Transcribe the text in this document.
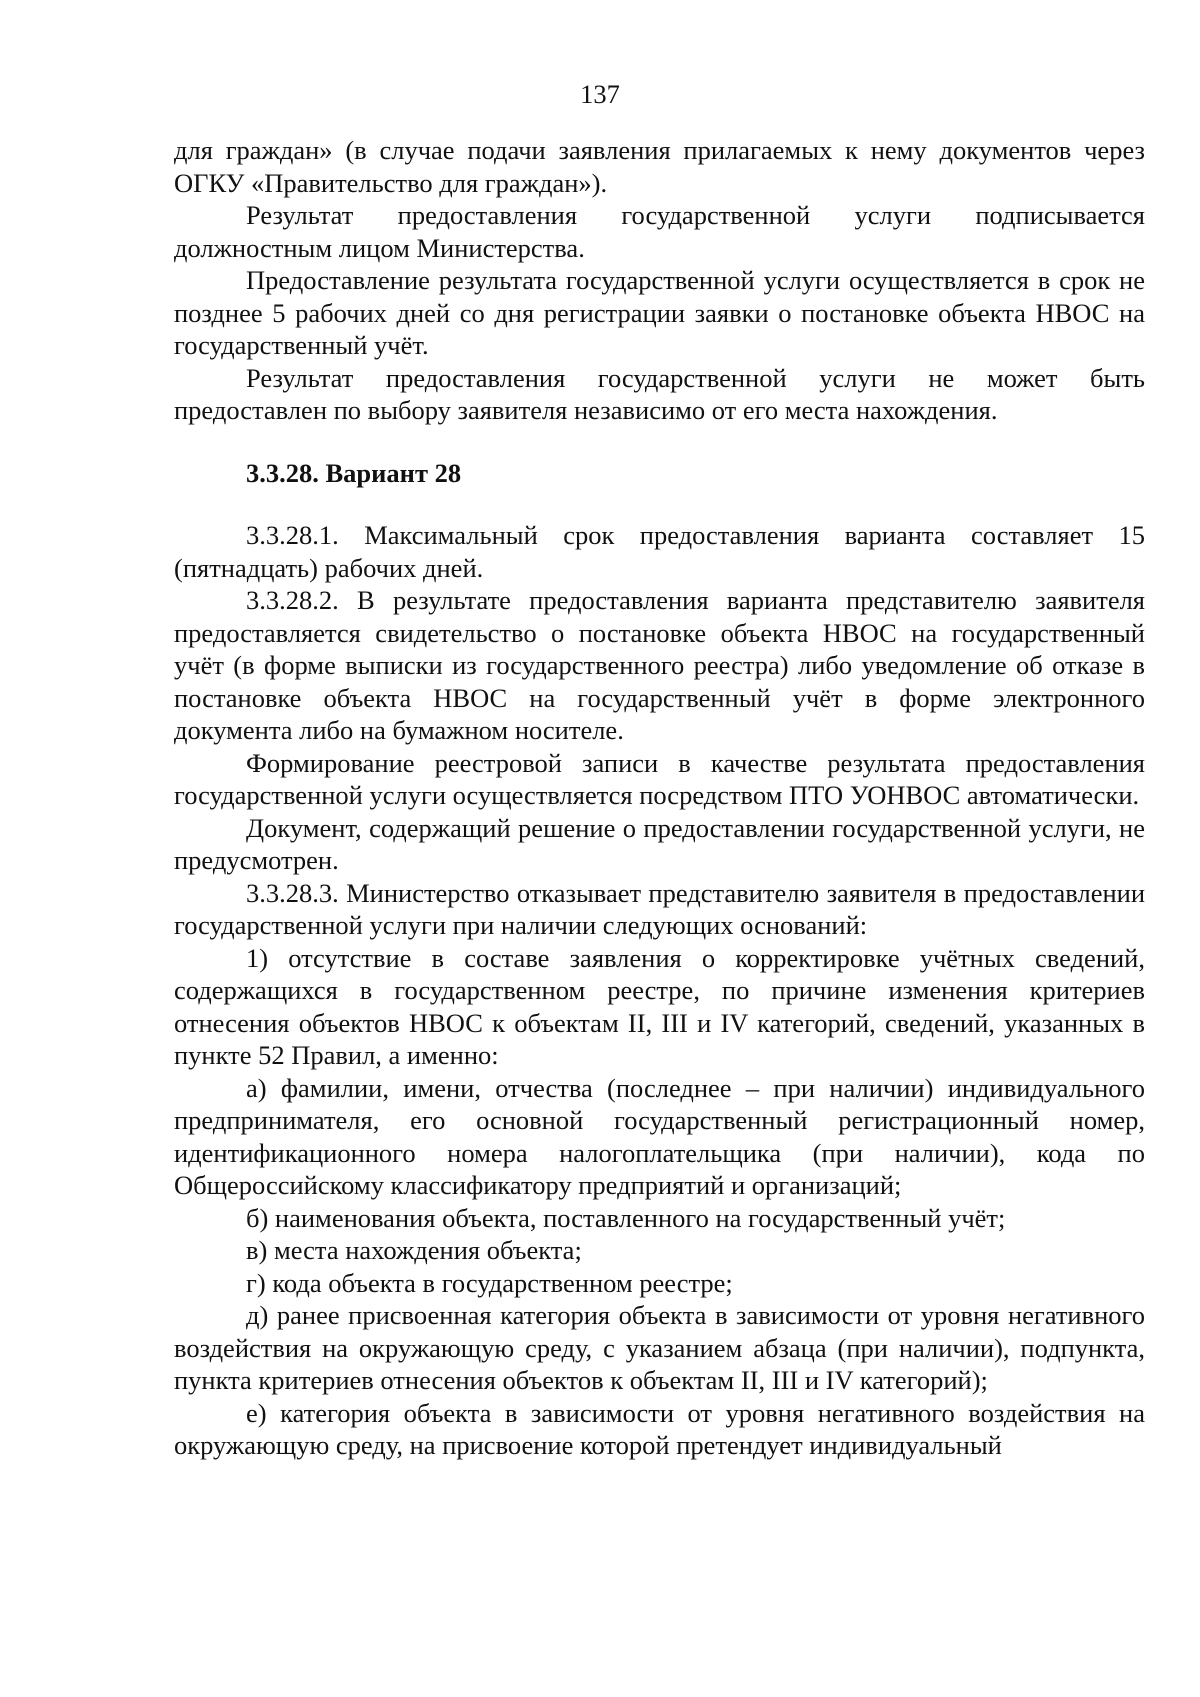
137

для граждан» (в случае подачи заявления прилагаемых к нему документов через ОГКУ «Правительство для граждан»).

Результат предоставления государственной услуги подписывается должностным лицом Министерства.

Предоставление результата государственной услуги осуществляется в срок не позднее 5 рабочих дней со дня регистрации заявки о постановке объекта НВОС на государственный учёт.

Результат предоставления государственной услуги не может быть предоставлен по выбору заявителя независимо от его места нахождения.

3.3.28. Вариант 28

3.3.28.1. Максимальный срок предоставления варианта составляет 15 (пятнадцать) рабочих дней.

3.3.28.2. В результате предоставления варианта представителю заявителя предоставляется свидетельство о постановке объекта НВОС на государственный учёт (в форме выписки из государственного реестра) либо уведомление об отказе в постановке объекта НВОС на государственный учёт в форме электронного документа либо на бумажном носителе.

Формирование реестровой записи в качестве результата предоставления государственной услуги осуществляется посредством ПТО УОНВОС автоматически.

Документ, содержащий решение о предоставлении государственной услуги, не предусмотрен.

3.3.28.3. Министерство отказывает представителю заявителя в предоставлении государственной услуги при наличии следующих оснований:

1) отсутствие в составе заявления о корректировке учётных сведений, содержащихся в государственном реестре, по причине изменения критериев отнесения объектов НВОС к объектам II, III и IV категорий, сведений, указанных в пункте 52 Правил, а именно:

а) фамилии, имени, отчества (последнее – при наличии) индивидуального предпринимателя, его основной государственный регистрационный номер, идентификационного номера налогоплательщика (при наличии), кода по Общероссийскому классификатору предприятий и организаций;

б) наименования объекта, поставленного на государственный учёт;

в) места нахождения объекта;

г) кода объекта в государственном реестре;

д) ранее присвоенная категория объекта в зависимости от уровня негативного воздействия на окружающую среду, с указанием абзаца (при наличии), подпункта, пункта критериев отнесения объектов к объектам II, III и IV категорий);

е) категория объекта в зависимости от уровня негативного воздействия на окружающую среду, на присвоение которой претендует индивидуальный
